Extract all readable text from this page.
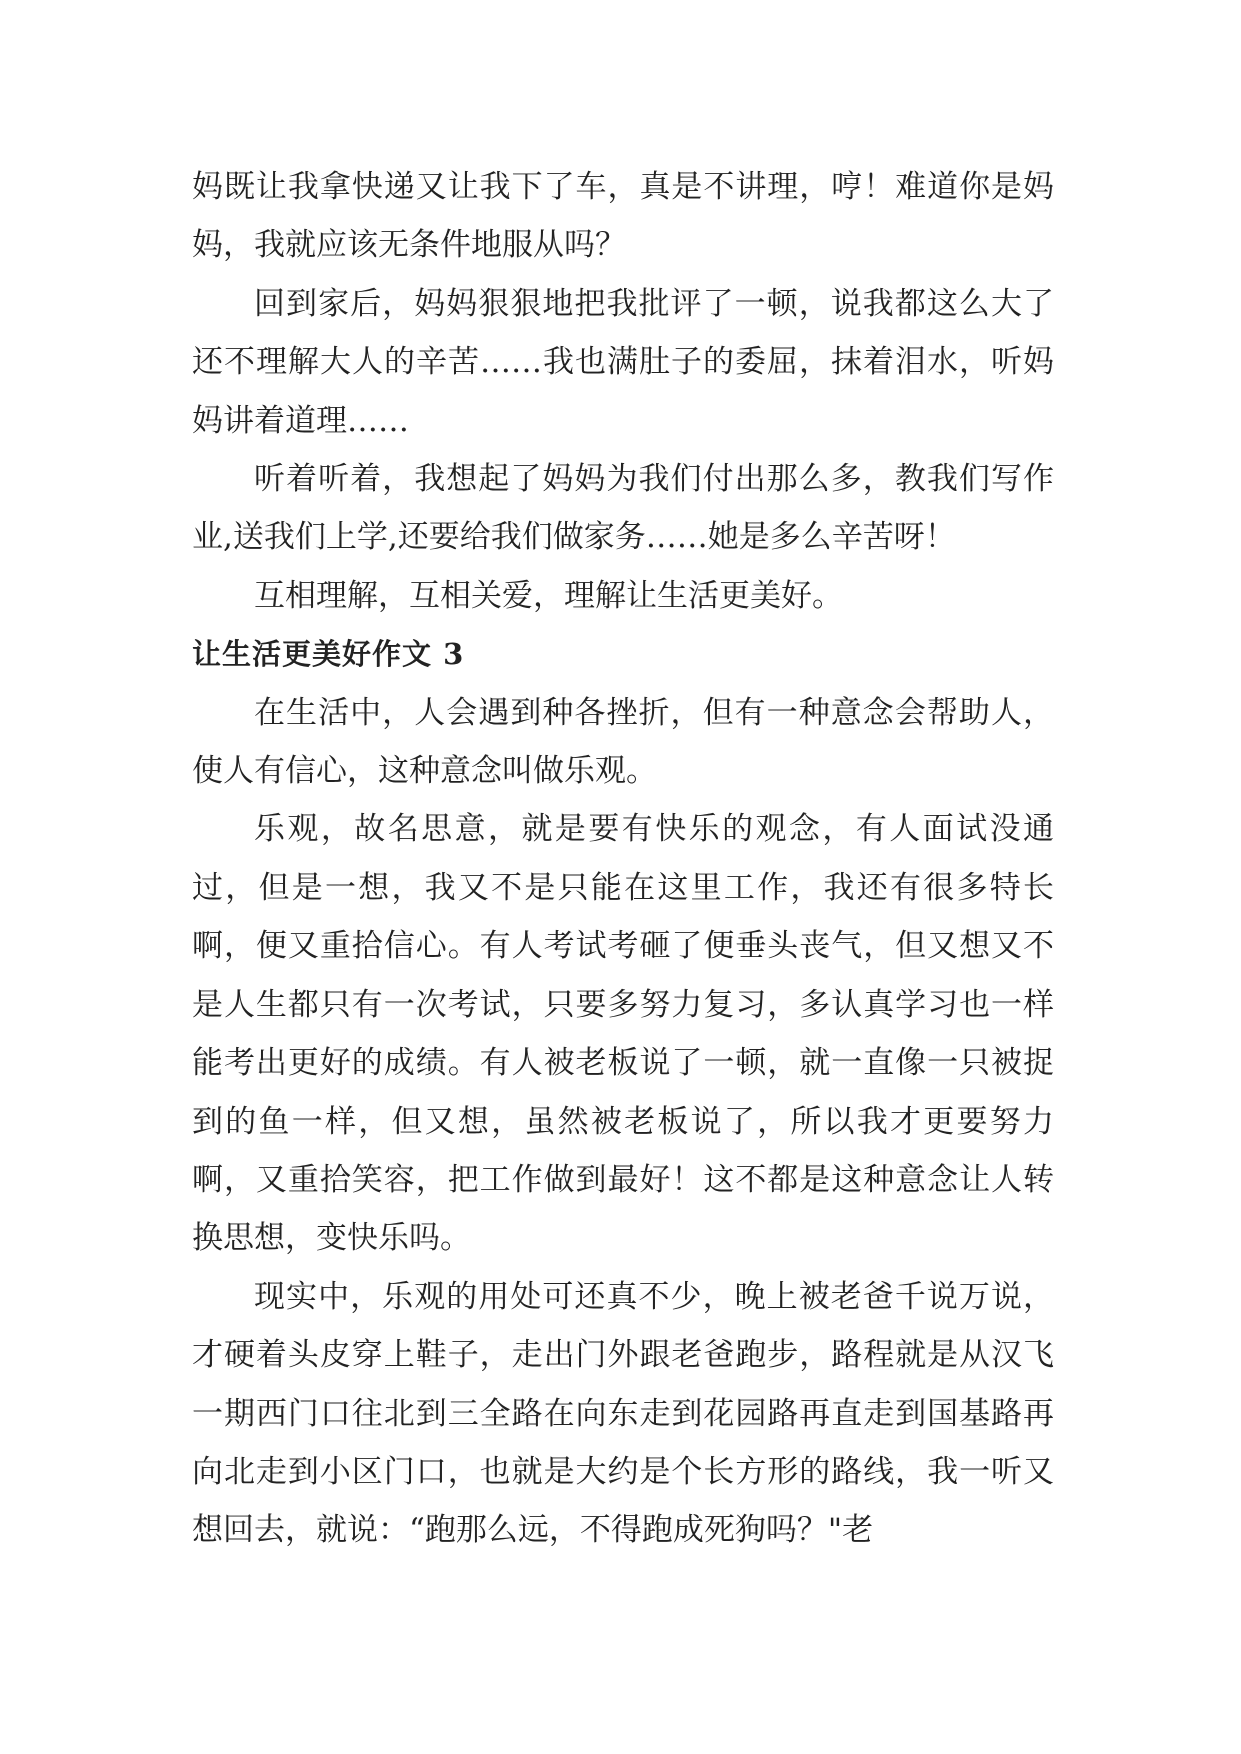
妈既让我拿快递又让我下了车，真是不讲理，哼！难道你是妈妈，我就应该无条件地服从吗？

回到家后，妈妈狠狠地把我批评了一顿，说我都这么大了还不理解大人的辛苦……我也满肚子的委屈，抹着泪水，听妈妈讲着道理……

听着听着，我想起了妈妈为我们付出那么多，教我们写作业,送我们上学,还要给我们做家务……她是多么辛苦呀！

互相理解，互相关爱，理解让生活更美好。

让生活更美好作文 3

在生活中，人会遇到种各挫折，但有一种意念会帮助人，使人有信心，这种意念叫做乐观。

乐观，故名思意，就是要有快乐的观念，有人面试没通过，但是一想，我又不是只能在这里工作，我还有很多特长啊，便又重拾信心。有人考试考砸了便垂头丧气，但又想又不是人生都只有一次考试，只要多努力复习，多认真学习也一样能考出更好的成绩。有人被老板说了一顿，就一直像一只被捉到的鱼一样，但又想，虽然被老板说了，所以我才更要努力啊，又重拾笑容，把工作做到最好！这不都是这种意念让人转换思想，变快乐吗。

现实中，乐观的用处可还真不少，晚上被老爸千说万说，才硬着头皮穿上鞋子，走出门外跟老爸跑步，路程就是从汉飞一期西门口往北到三全路在向东走到花园路再直走到国基路再向北走到小区门口，也就是大约是个长方形的路线，我一听又想回去，就说：“跑那么远，不得跑成死狗吗？"老
